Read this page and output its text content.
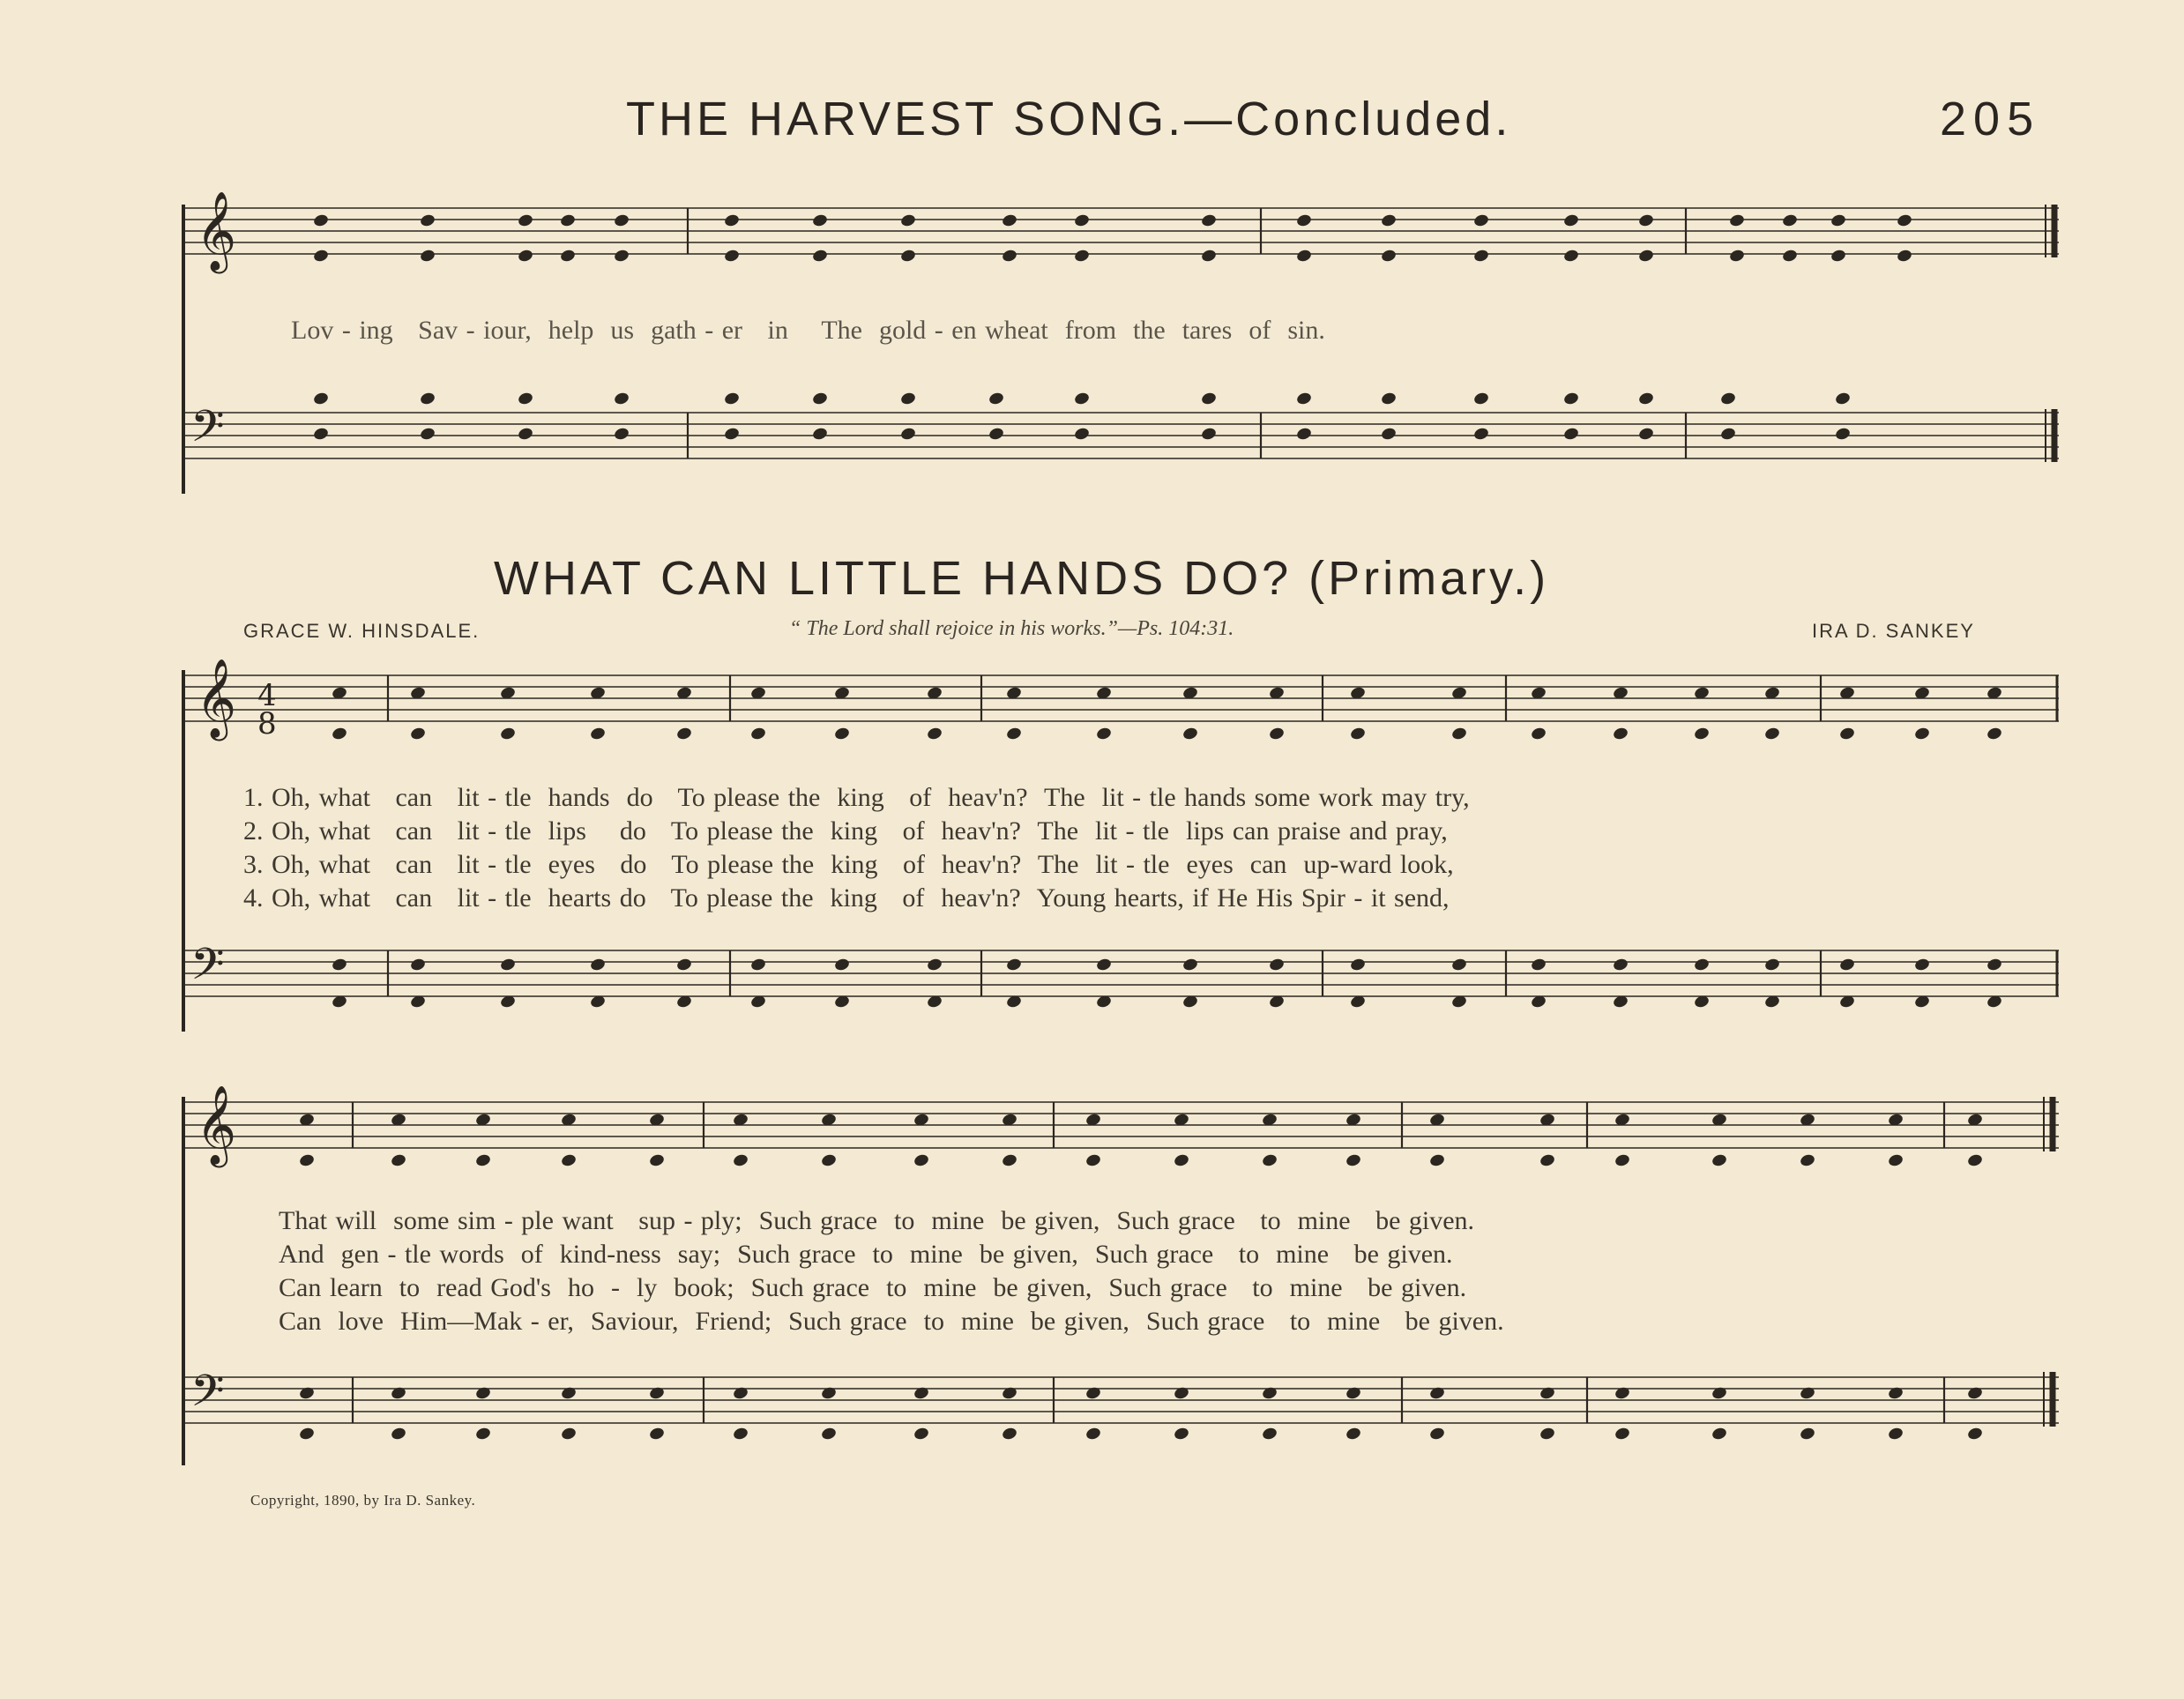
THE HARVEST SONG.—Concluded.	205
𝄞
𝄢
𝄞
𝄢
4
8
𝄞
𝄢
Lov - ing   Sav - iour,  help  us  gath - er   in    The  gold - en wheat  from  the  tares  of  sin.
WHAT CAN LITTLE HANDS DO? (Primary.)
GRACE W. HINSDALE.	“ The Lord shall rejoice in his works.”—Ps. 104:31.	IRA D. SANKEY
1. Oh, what   can   lit - tle  hands  do   To please the  king   of  heav'n?  The  lit - tle hands some work may try,
2. Oh, what   can   lit - tle  lips    do   To please the  king   of  heav'n?  The  lit - tle  lips can praise and pray,
3. Oh, what   can   lit - tle  eyes   do   To please the  king   of  heav'n?  The  lit - tle  eyes  can  up-ward look,
4. Oh, what   can   lit - tle  hearts do   To please the  king   of  heav'n?  Young hearts, if He His Spir - it send,
That will  some sim - ple want   sup - ply;  Such grace  to  mine  be given,  Such grace   to  mine   be given.
And  gen - tle words  of  kind-ness  say;  Such grace  to  mine  be given,  Such grace   to  mine   be given.
Can learn  to  read God's  ho  -  ly  book;  Such grace  to  mine  be given,  Such grace   to  mine   be given.
Can  love  Him—Mak - er,  Saviour,  Friend;  Such grace  to  mine  be given,  Such grace   to  mine   be given.
Copyright, 1890, by Ira D. Sankey.
